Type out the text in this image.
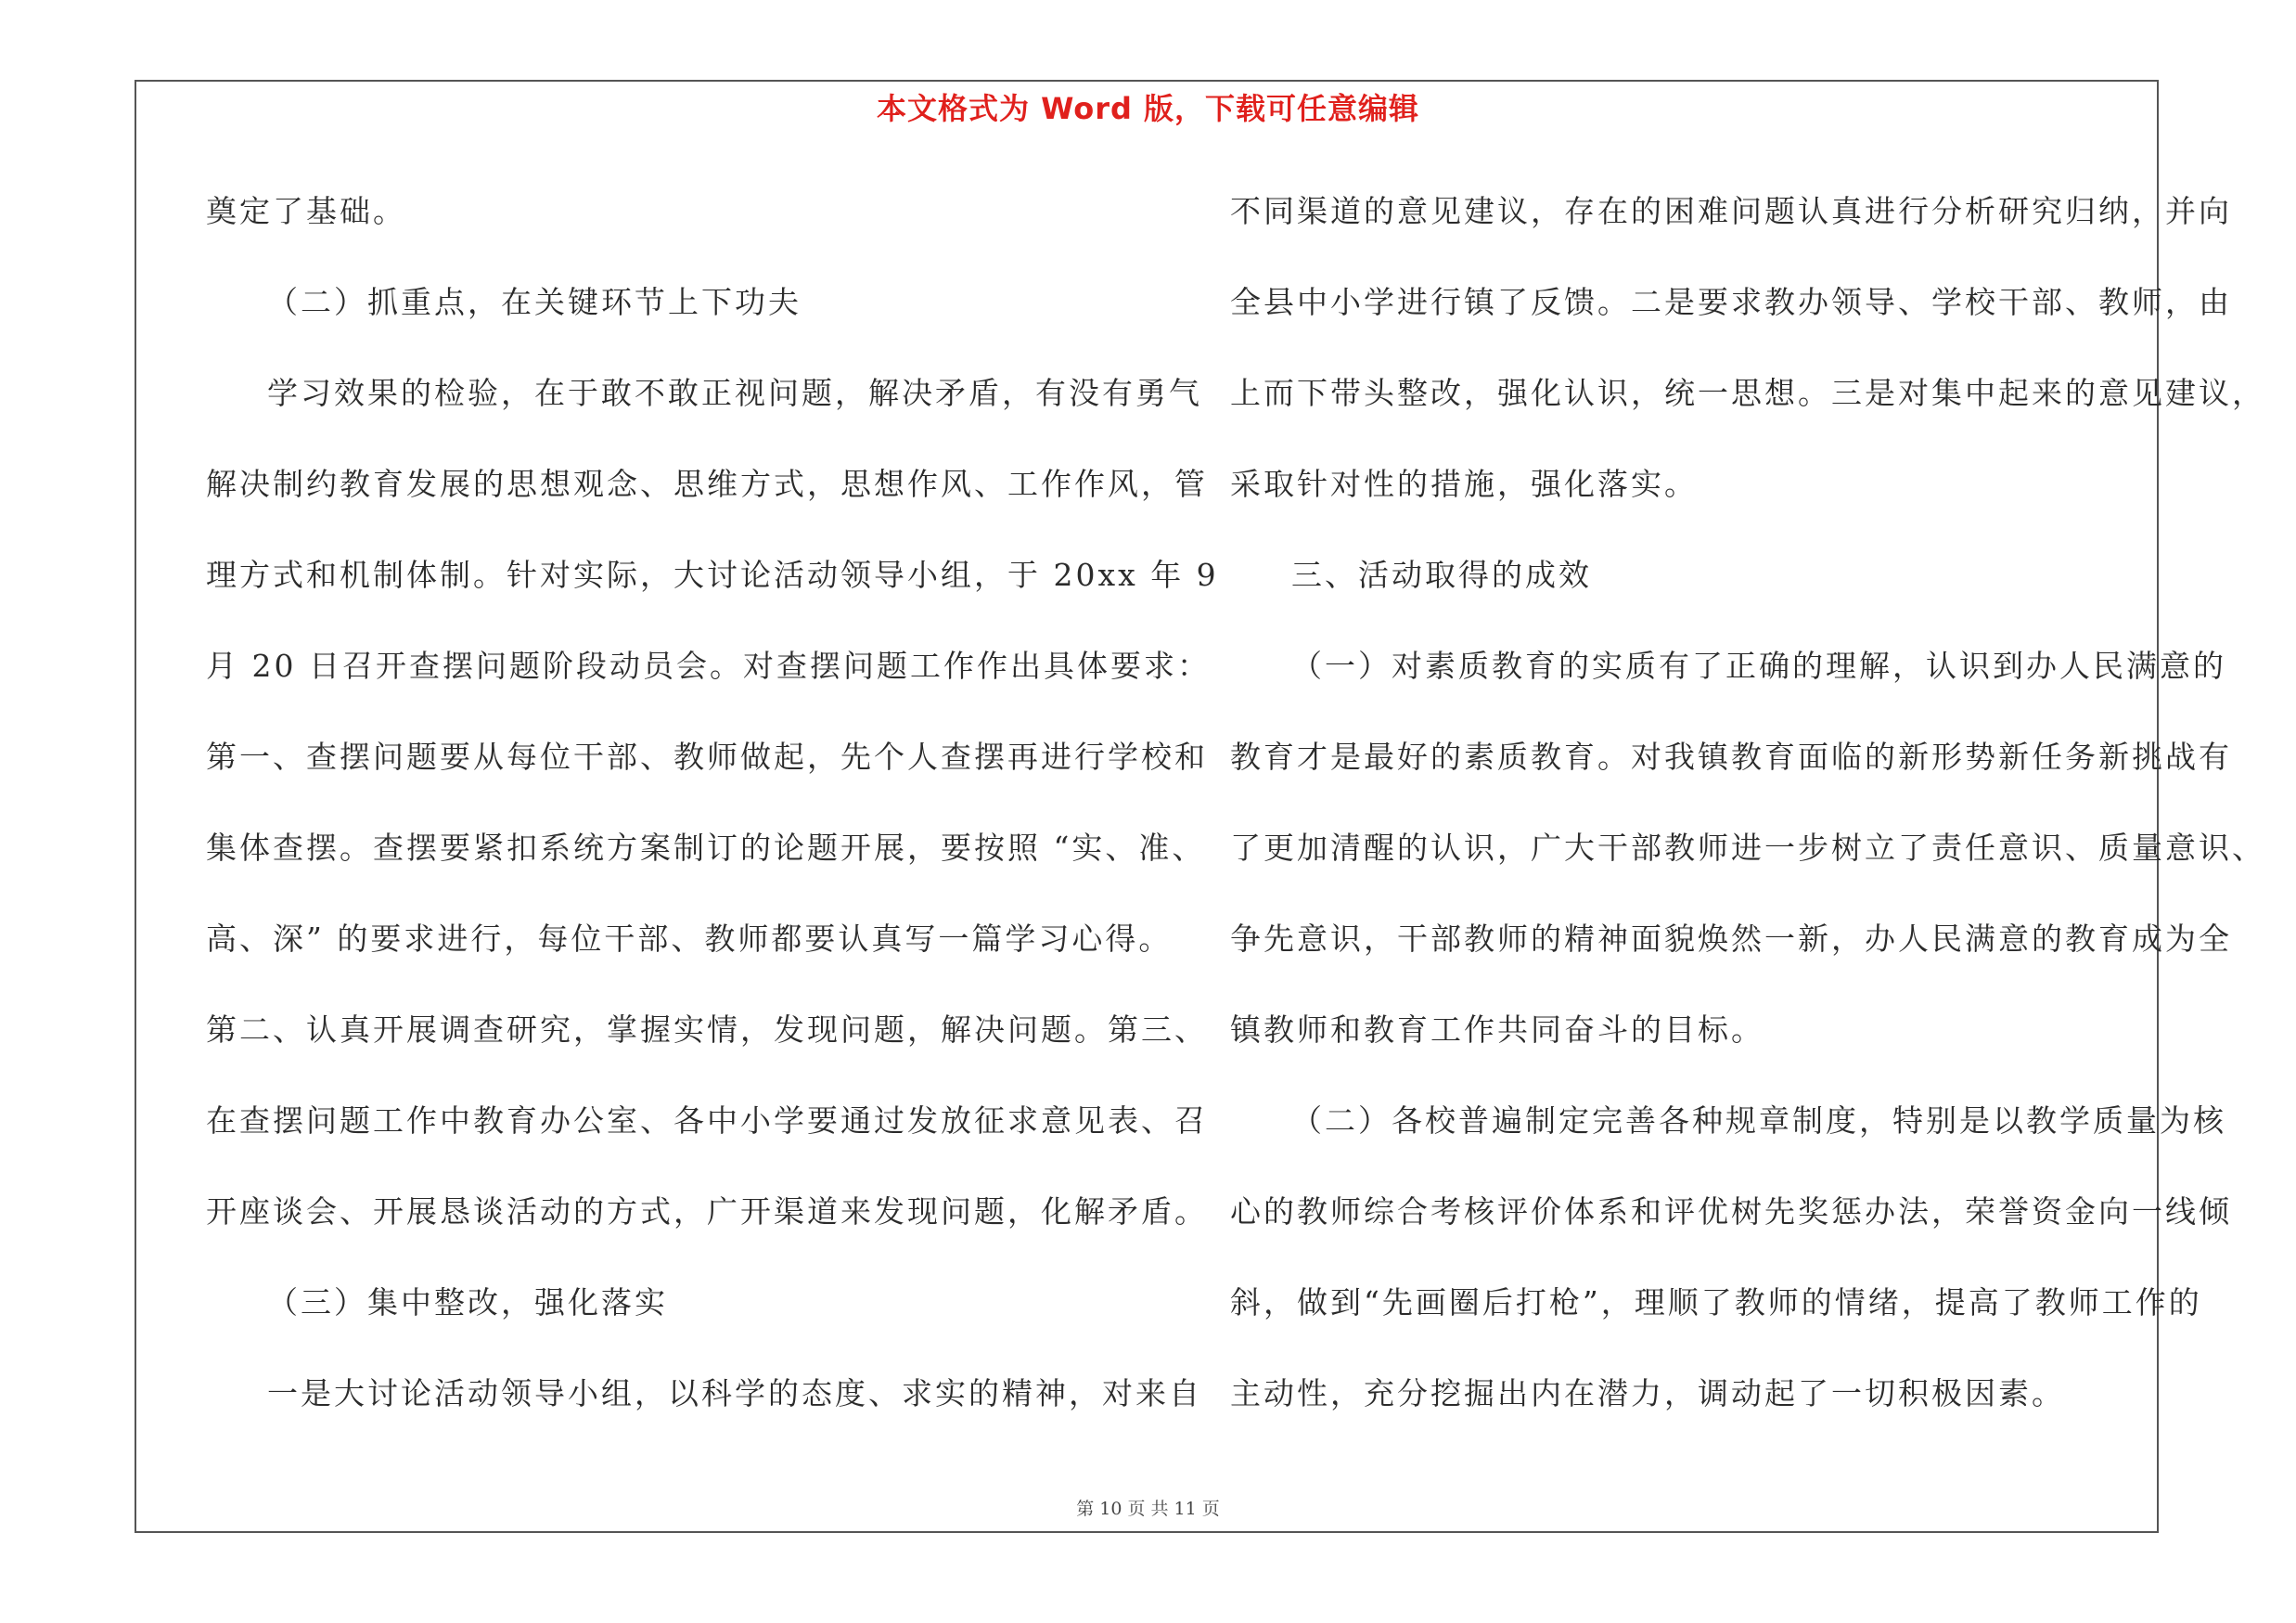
本文格式为 Word 版，下载可任意编辑
奠定了基础。
（二）抓重点，在关键环节上下功夫
学习效果的检验，在于敢不敢正视问题，解决矛盾，有没有勇气
解决制约教育发展的思想观念、思维方式，思想作风、工作作风，管
理方式和机制体制。针对实际，大讨论活动领导小组，于 20xx 年 9
月 20 日召开查摆问题阶段动员会。对查摆问题工作作出具体要求：
第一、查摆问题要从每位干部、教师做起，先个人查摆再进行学校和
集体查摆。查摆要紧扣系统方案制订的论题开展，要按照 “实、准、
高、深” 的要求进行，每位干部、教师都要认真写一篇学习心得。
第二、认真开展调查研究，掌握实情，发现问题，解决问题。第三、
在查摆问题工作中教育办公室、各中小学要通过发放征求意见表、召
开座谈会、开展恳谈活动的方式，广开渠道来发现问题，化解矛盾。
（三）集中整改，强化落实
一是大讨论活动领导小组，以科学的态度、求实的精神，对来自
不同渠道的意见建议，存在的困难问题认真进行分析研究归纳，并向
全县中小学进行镇了反馈。二是要求教办领导、学校干部、教师，由
上而下带头整改，强化认识，统一思想。三是对集中起来的意见建议，
采取针对性的措施，强化落实。
三、活动取得的成效
（一）对素质教育的实质有了正确的理解，认识到办人民满意的
教育才是最好的素质教育。对我镇教育面临的新形势新任务新挑战有
了更加清醒的认识，广大干部教师进一步树立了责任意识、质量意识、
争先意识，干部教师的精神面貌焕然一新，办人民满意的教育成为全
镇教师和教育工作共同奋斗的目标。
（二）各校普遍制定完善各种规章制度，特别是以教学质量为核
心的教师综合考核评价体系和评优树先奖惩办法，荣誉资金向一线倾
斜，做到“先画圈后打枪”，理顺了教师的情绪，提高了教师工作的
主动性，充分挖掘出内在潜力，调动起了一切积极因素。
第 10 页 共 11 页
